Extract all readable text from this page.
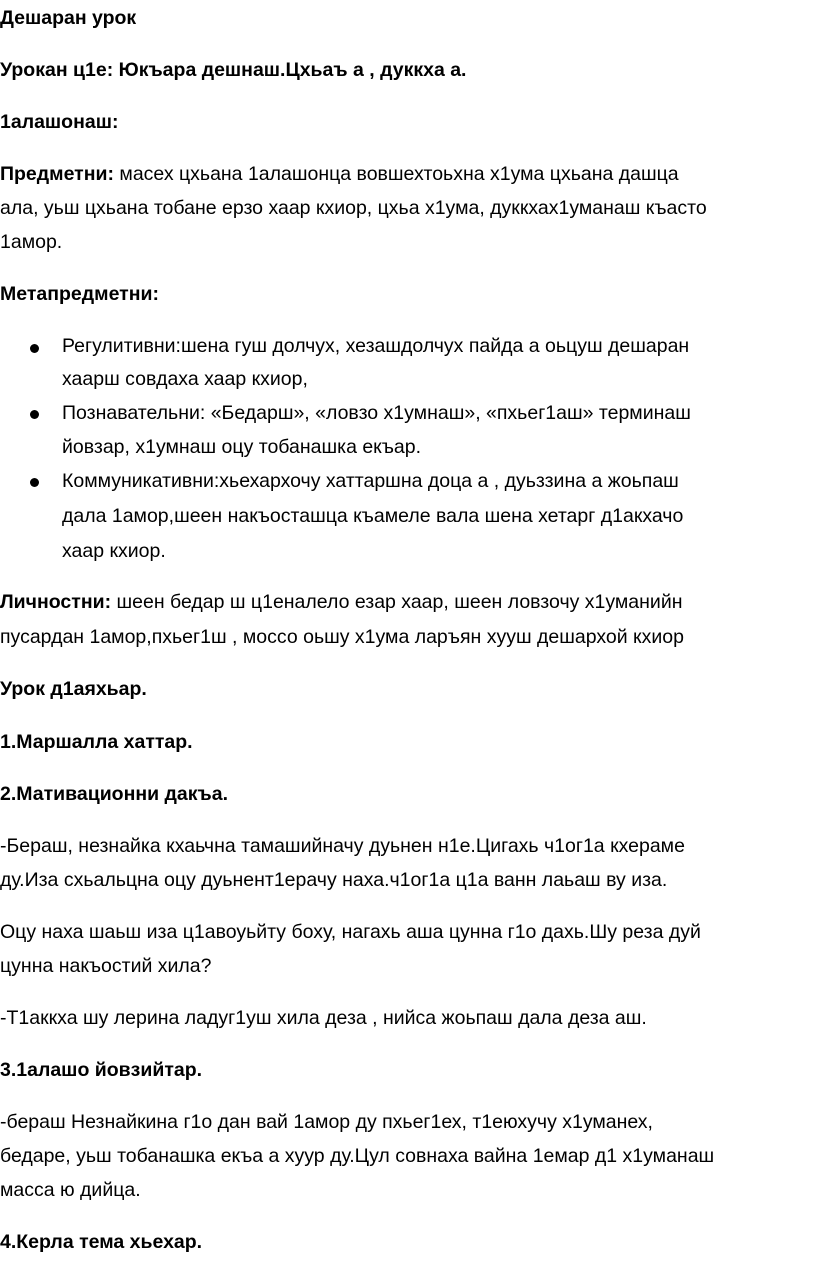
Дешаран урок
Урокан ц1е: Юкъара дешнаш.Цхьаъ а , дуккха а.
1алашонаш:
Предметни: масех цхьана 1алашонца вовшехтоьхна х1ума цхьана дашца
ала, уьш цхьана тобане ерзо хаар кхиор, цхьа х1ума, дуккхах1уманаш къасто
1амор.
Метапредметни:
Регулитивни:шена гуш долчух, хезашдолчух пайда а оьцуш дешаран
хаарш совдаха хаар кхиор,
Познавательни: «Бедарш», «ловзо х1умнаш», «пхьег1аш» терминаш
йовзар, х1умнаш оцу тобанашка екъар.
Коммуникативни:хьехархочу хаттаршна доца а , дуьззина а жоьпаш
дала 1амор,шеен накъосташца къамеле вала шена хетарг д1акхачо
хаар кхиор.
Личностни: шеен бедар ш ц1еналело езар хаар, шеен ловзочу х1уманийн
пусардан 1амор,пхьег1ш , моссо оьшу х1ума ларъян хууш дешархой кхиор
Урок д1аяхьар.
1.Маршалла хаттар.
2.Мативационни дакъа.
-Бераш, незнайка кхаьчна тамашийначу дуьнен н1е.Цигахь ч1ог1а кхераме
ду.Иза схьальцна оцу дуьнент1ерачу наха.ч1ог1а ц1а ванн лаьаш ву иза.
Оцу наха шаьш иза ц1авоуьйту боху, нагахь аша цунна г1о дахь.Шу реза дуй
цунна накъостий хила?
-Т1аккха шу лерина ладуг1уш хила деза , нийса жоьпаш дала деза аш.
3.1алашо йовзийтар.
-бераш Незнайкина г1о дан вай 1амор ду пхьег1ех, т1еюхучу х1уманех,
бедаре, уьш тобанашка екъа а хуур ду.Цул совнаха вайна 1емар д1 х1уманаш
масса ю дийца.
4.Керла тема хьехар.
